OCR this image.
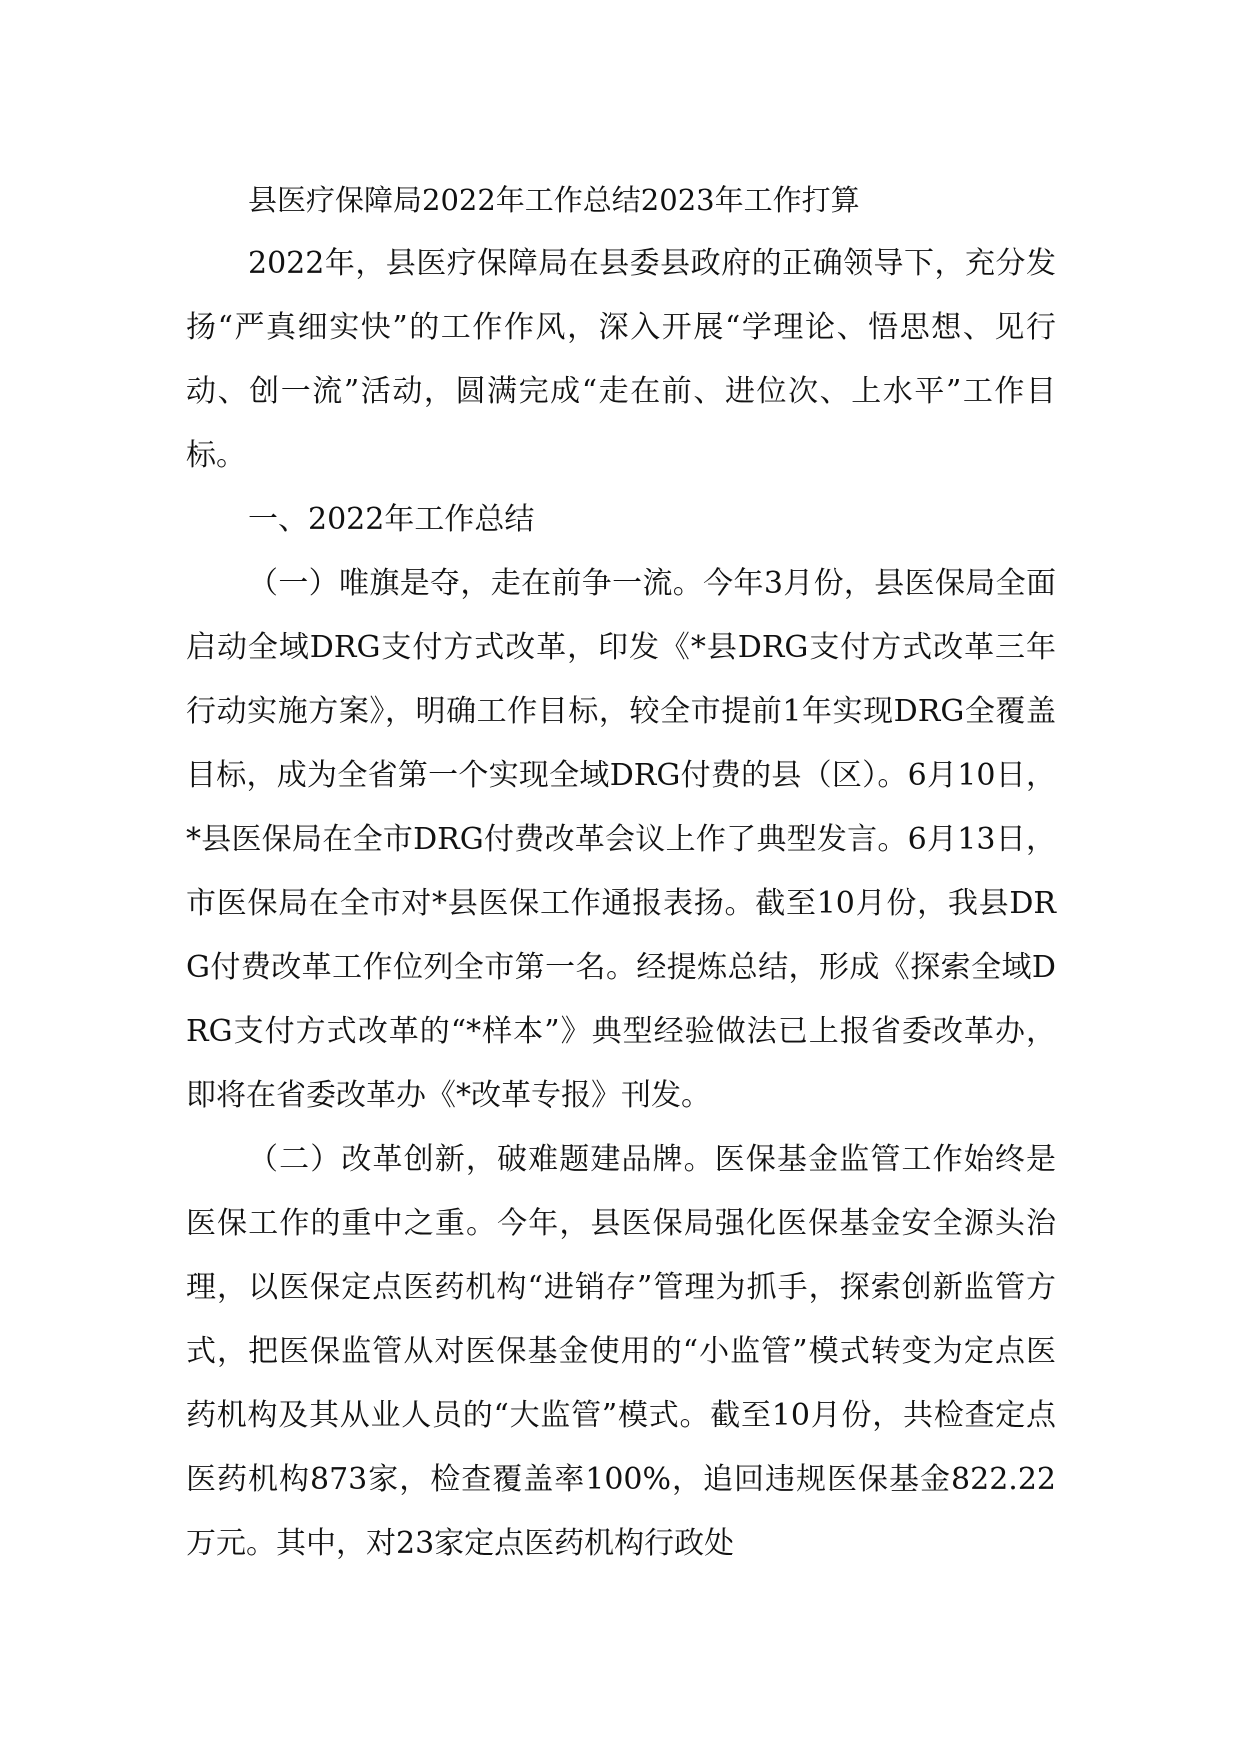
县医疗保障局2022年工作总结2023年工作打算

2022年，县医疗保障局在县委县政府的正确领导下，充分发扬“严真细实快”的工作作风，深入开展“学理论、悟思想、见行动、创一流”活动，圆满完成“走在前、进位次、上水平”工作目标。

一、2022年工作总结

（一）唯旗是夺，走在前争一流。今年3月份，县医保局全面启动全域DRG支付方式改革，印发《*县DRG支付方式改革三年行动实施方案》，明确工作目标，较全市提前1年实现DRG全覆盖目标，成为全省第一个实现全域DRG付费的县（区）。6月10日，*县医保局在全市DRG付费改革会议上作了典型发言。6月13日，市医保局在全市对*县医保工作通报表扬。截至10月份，我县DRG付费改革工作位列全市第一名。经提炼总结，形成《探索全域DRG支付方式改革的“*样本”》典型经验做法已上报省委改革办，即将在省委改革办《*改革专报》刊发。

（二）改革创新，破难题建品牌。医保基金监管工作始终是医保工作的重中之重。今年，县医保局强化医保基金安全源头治理，以医保定点医药机构“进销存”管理为抓手，探索创新监管方式，把医保监管从对医保基金使用的“小监管”模式转变为定点医药机构及其从业人员的“大监管”模式。截至10月份，共检查定点医药机构873家，检查覆盖率100%，追回违规医保基金822.22万元。其中，对23家定点医药机构行政处
